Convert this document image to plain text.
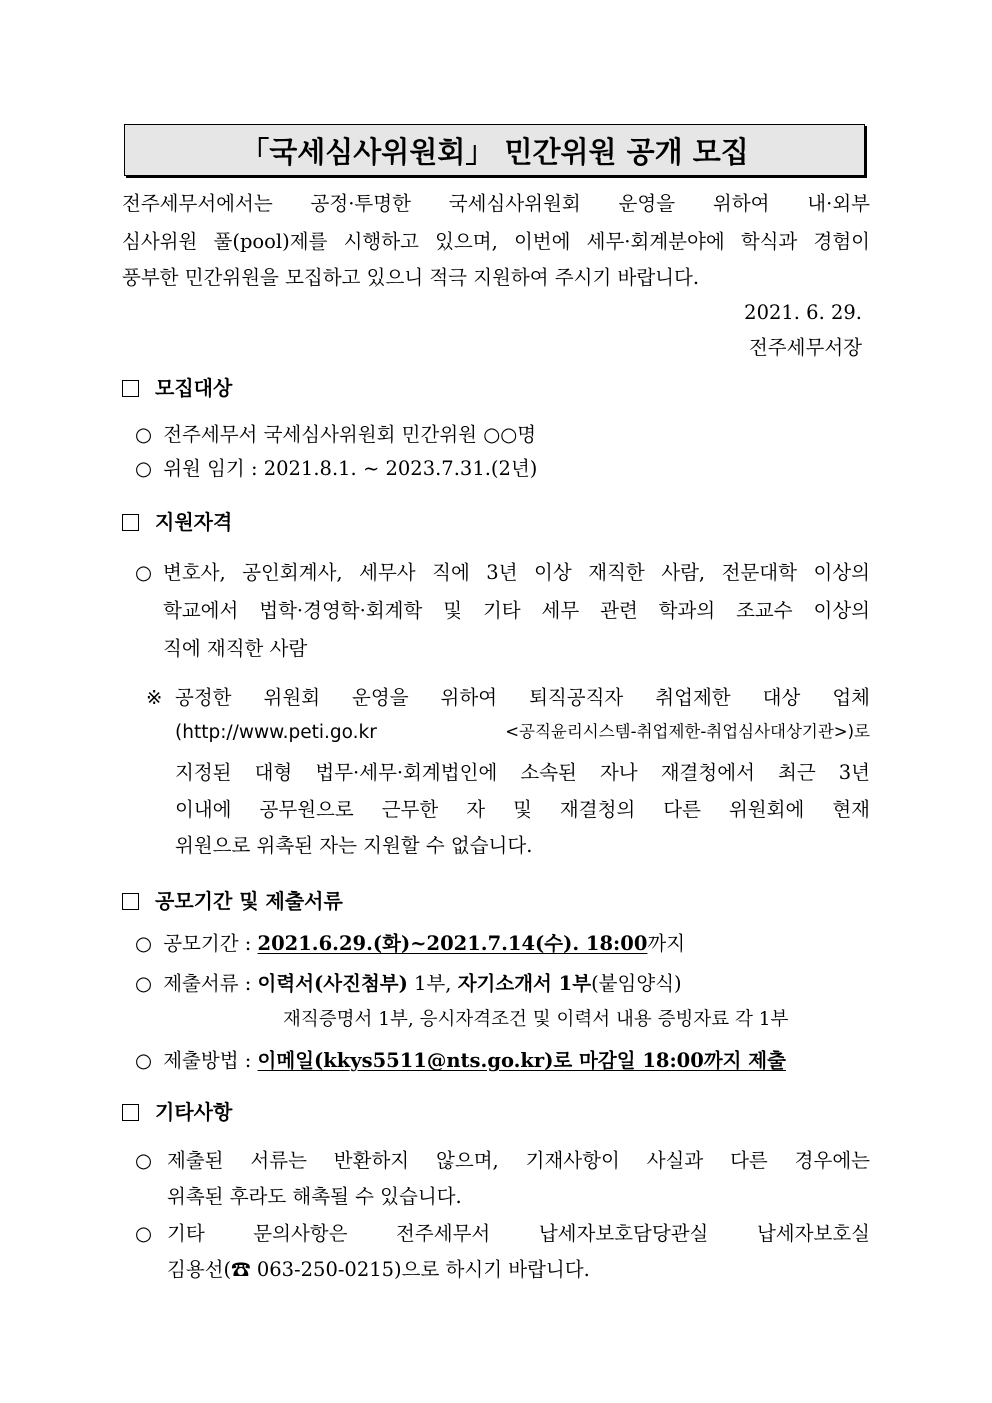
「국세심사위원회」 민간위원 공개 모집
전주세무서에서는 공정·투명한 국세심사위원회 운영을 위하여 내·외부
심사위원 풀(pool)제를 시행하고 있으며, 이번에 세무·회계분야에 학식과 경험이
풍부한 민간위원을 모집하고 있으니 적극 지원하여 주시기 바랍니다.
2021. 6. 29.
전주세무서장
모집대상
○ 전주세무서 국세심사위원회 민간위원 ○○명
○ 위원 임기 : 2021.8.1. ~ 2023.7.31.(2년)
지원자격
○ 변호사, 공인회계사, 세무사 직에 3년 이상 재직한 사람, 전문대학 이상의
학교에서 법학·경영학·회계학 및 기타 세무 관련 학과의 조교수 이상의
직에 재직한 사람
※ 공정한 위원회 운영을 위하여 퇴직공직자 취업제한 대상 업체
(http://www.peti.go.kr	<공직윤리시스템-취업제한-취업심사대상기관>)로
지정된 대형 법무·세무·회계법인에 소속된 자나 재결청에서 최근 3년
이내에 공무원으로 근무한 자 및 재결청의 다른 위원회에 현재
위원으로 위촉된 자는 지원할 수 없습니다.
공모기간 및 제출서류
○ 공모기간 : 2021.6.29.(화)~2021.7.14(수). 18:00까지
○ 제출서류 : 이력서(사진첨부) 1부, 자기소개서 1부(붙임양식)
재직증명서 1부, 응시자격조건 및 이력서 내용 증빙자료 각 1부
○ 제출방법 : 이메일(kkys5511@nts.go.kr)로 마감일 18:00까지 제출
기타사항
○ 제출된 서류는 반환하지 않으며, 기재사항이 사실과 다른 경우에는
위촉된 후라도 해촉될 수 있습니다.
○ 기타 문의사항은 전주세무서 납세자보호담당관실 납세자보호실
김용선(☎ 063-250-0215)으로 하시기 바랍니다.
